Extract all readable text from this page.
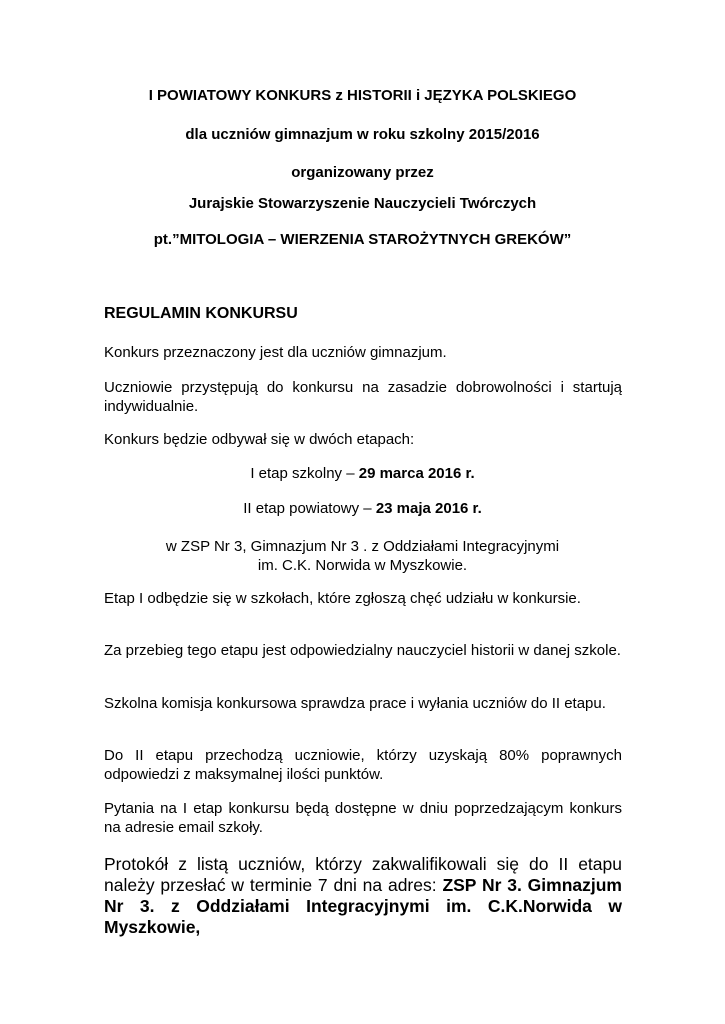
I POWIATOWY KONKURS z HISTORII i JĘZYKA POLSKIEGO
dla uczniów gimnazjum w roku szkolny 2015/2016
organizowany przez
Jurajskie Stowarzyszenie Nauczycieli Twórczych
pt.”MITOLOGIA – WIERZENIA STAROŻYTNYCH GREKÓW”
REGULAMIN KONKURSU

Konkurs przeznaczony jest dla uczniów gimnazjum.

Uczniowie przystępują do konkursu na zasadzie dobrowolności i startują indywidualnie.

Konkurs będzie odbywał się w dwóch etapach:

I etap szkolny – 29 marca 2016 r.
II etap powiatowy – 23 maja 2016 r.

w ZSP Nr 3, Gimnazjum Nr 3 . z Oddziałami Integracyjnymi

im. C.K. Norwida w Myszkowie.

Etap I odbędzie się w szkołach, które zgłoszą chęć udziału w konkursie.

Za przebieg tego etapu jest odpowiedzialny nauczyciel historii w danej szkole.

Szkolna komisja konkursowa sprawdza prace i wyłania uczniów do II etapu.

Do II etapu przechodzą uczniowie, którzy uzyskają 80% poprawnych odpowiedzi z maksymalnej ilości punktów.

Pytania na I etap konkursu będą dostępne w dniu poprzedzającym konkurs na adresie email szkoły.

Protokół z listą uczniów, którzy zakwalifikowali się do II etapu należy przesłać w terminie 7 dni na adres: ZSP Nr 3. Gimnazjum Nr 3. z Oddziałami Integracyjnymi im. C.K.Norwida w Myszkowie,
